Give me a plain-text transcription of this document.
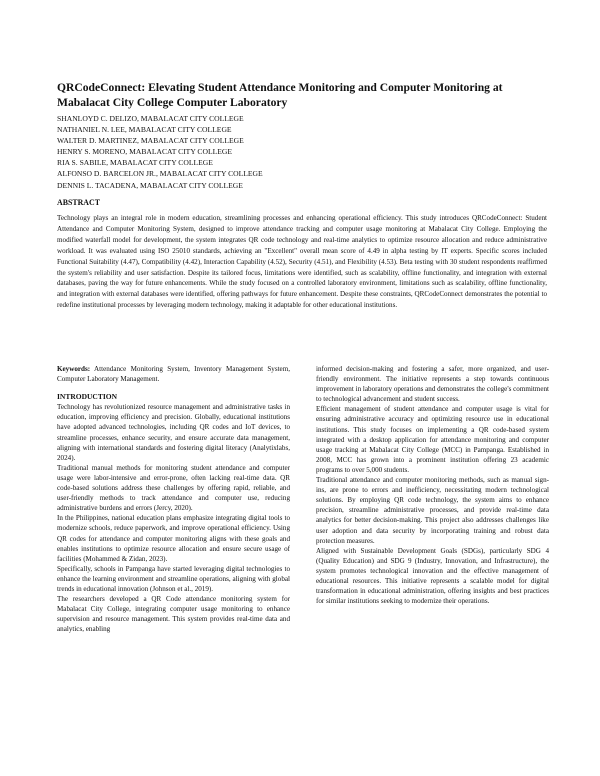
QRCodeConnect: Elevating Student Attendance Monitoring and Computer Monitoring at Mabalacat City College Computer Laboratory
SHANLOYD C. DELIZO, MABALACAT CITY COLLEGE
NATHANIEL N. LEE, MABALACAT CITY COLLEGE
WALTER D. MARTINEZ, MABALACAT CITY COLLEGE
HENRY S. MORENO, MABALACAT CITY COLLEGE
RIA S. SABILE, MABALACAT CITY COLLEGE
ALFONSO D. BARCELON JR., MABALACAT CITY COLLEGE
DENNIS L. TACADENA, MABALACAT CITY COLLEGE
ABSTRACT

Technology plays an integral role in modern education, streamlining processes and enhancing operational efficiency. This study introduces QRCodeConnect: Student Attendance and Computer Monitoring System, designed to improve attendance tracking and computer usage monitoring at Mabalacat City College. Employing the modified waterfall model for development, the system integrates QR code technology and real-time analytics to optimize resource allocation and reduce administrative workload. It was evaluated using ISO 25010 standards, achieving an "Excellent" overall mean score of 4.49 in alpha testing by IT experts. Specific scores included Functional Suitability (4.47), Compatibility (4.42), Interaction Capability (4.52), Security (4.51), and Flexibility (4.53). Beta testing with 30 student respondents reaffirmed the system's reliability and user satisfaction. Despite its tailored focus, limitations were identified, such as scalability, offline functionality, and integration with external databases, paving the way for future enhancements. While the study focused on a controlled laboratory environment, limitations such as scalability, offline functionality, and integration with external databases were identified, offering pathways for future enhancement. Despite these constraints, QRCodeConnect demonstrates the potential to redefine institutional processes by leveraging modern technology, making it adaptable for other educational institutions.

Keywords: Attendance Monitoring System, Inventory Management System, Computer Laboratory Management.

INTRODUCTION

Technology has revolutionized resource management and administrative tasks in education, improving efficiency and precision. Globally, educational institutions have adopted advanced technologies, including QR codes and IoT devices, to streamline processes, enhance security, and ensure accurate data management, aligning with international standards and fostering digital literacy (Analytixlabs, 2024).

Traditional manual methods for monitoring student attendance and computer usage were labor-intensive and error-prone, often lacking real-time data. QR code-based solutions address these challenges by offering rapid, reliable, and user-friendly methods to track attendance and computer use, reducing administrative burdens and errors (Jercy, 2020).

In the Philippines, national education plans emphasize integrating digital tools to modernize schools, reduce paperwork, and improve operational efficiency. Using QR codes for attendance and computer monitoring aligns with these goals and enables institutions to optimize resource allocation and ensure secure usage of facilities (Mohammed & Zidan, 2023).

Specifically, schools in Pampanga have started leveraging digital technologies to enhance the learning environment and streamline operations, aligning with global trends in educational innovation (Johnson et al., 2019).

The researchers developed a QR Code attendance monitoring system for Mabalacat City College, integrating computer usage monitoring to enhance supervision and resource management. This system provides real-time data and analytics, enabling

informed decision-making and fostering a safer, more organized, and user-friendly environment. The initiative represents a step towards continuous improvement in laboratory operations and demonstrates the college's commitment to technological advancement and student success.

Efficient management of student attendance and computer usage is vital for ensuring administrative accuracy and optimizing resource use in educational institutions. This study focuses on implementing a QR code-based system integrated with a desktop application for attendance monitoring and computer usage tracking at Mabalacat City College (MCC) in Pampanga. Established in 2008, MCC has grown into a prominent institution offering 23 academic programs to over 5,000 students.

Traditional attendance and computer monitoring methods, such as manual sign-ins, are prone to errors and inefficiency, necessitating modern technological solutions. By employing QR code technology, the system aims to enhance precision, streamline administrative processes, and provide real-time data analytics for better decision-making. This project also addresses challenges like user adoption and data security by incorporating training and robust data protection measures.

Aligned with Sustainable Development Goals (SDGs), particularly SDG 4 (Quality Education) and SDG 9 (Industry, Innovation, and Infrastructure), the system promotes technological innovation and the effective management of educational resources. This initiative represents a scalable model for digital transformation in educational administration, offering insights and best practices for similar institutions seeking to modernize their operations.
